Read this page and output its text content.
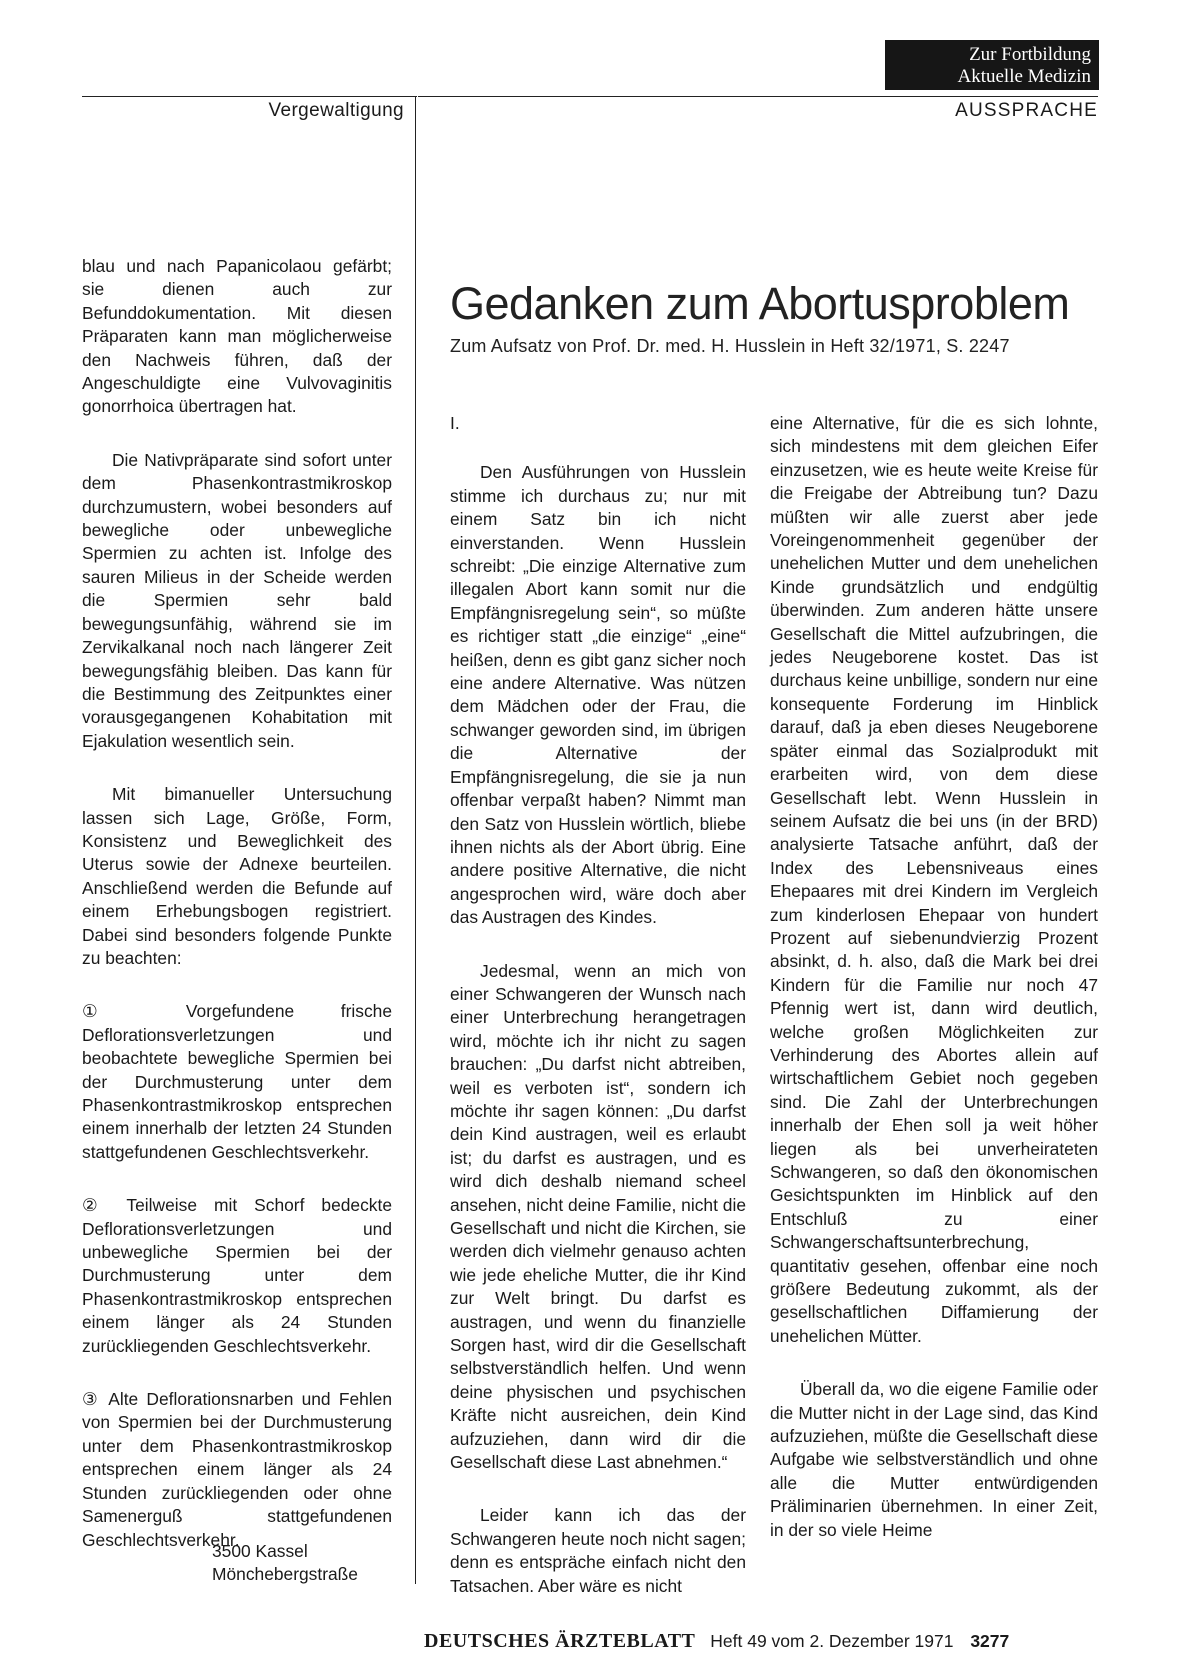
Zur Fortbildung
Aktuelle Medizin
Vergewaltigung	AUSSPRACHE

blau und nach Papanicolaou gefärbt; sie dienen auch zur Befunddokumentation. Mit diesen Präparaten kann man möglicherweise den Nachweis führen, daß der Angeschuldigte eine Vulvovaginitis gonorrhoica übertragen hat.

Die Nativpräparate sind sofort unter dem Phasenkontrastmikroskop durchzumustern, wobei besonders auf bewegliche oder unbewegliche Spermien zu achten ist. Infolge des sauren Milieus in der Scheide werden die Spermien sehr bald bewegungsunfähig, während sie im Zervikalkanal noch nach längerer Zeit bewegungsfähig bleiben. Das kann für die Bestimmung des Zeitpunktes einer vorausgegangenen Kohabitation mit Ejakulation wesentlich sein.

Mit bimanueller Untersuchung lassen sich Lage, Größe, Form, Konsistenz und Beweglichkeit des Uterus sowie der Adnexe beurteilen. Anschließend werden die Befunde auf einem Erhebungsbogen registriert. Dabei sind besonders folgende Punkte zu beachten:

① Vorgefundene frische Deflorationsverletzungen und beobachtete bewegliche Spermien bei der Durchmusterung unter dem Phasenkontrastmikroskop entsprechen einem innerhalb der letzten 24 Stunden stattgefundenen Geschlechtsverkehr.

② Teilweise mit Schorf bedeckte Deflorationsverletzungen und unbewegliche Spermien bei der Durchmusterung unter dem Phasenkontrastmikroskop entsprechen einem länger als 24 Stunden zurückliegenden Geschlechtsverkehr.

③ Alte Deflorationsnarben und Fehlen von Spermien bei der Durchmusterung unter dem Phasenkontrastmikroskop entsprechen einem länger als 24 Stunden zurückliegenden oder ohne Samenerguß stattgefundenen Geschlechtsverkehr.

3500 Kassel
Mönchebergstraße
Gedanken zum Abortusproblem
Zum Aufsatz von Prof. Dr. med. H. Husslein in Heft 32/1971, S. 2247

I.

Den Ausführungen von Husslein stimme ich durchaus zu; nur mit einem Satz bin ich nicht einverstanden. Wenn Husslein schreibt: „Die einzige Alternative zum illegalen Abort kann somit nur die Empfängnisregelung sein“, so müßte es richtiger statt „die einzige“ „eine“ heißen, denn es gibt ganz sicher noch eine andere Alternative. Was nützen dem Mädchen oder der Frau, die schwanger geworden sind, im übrigen die Alternative der Empfängnisregelung, die sie ja nun offenbar verpaßt haben? Nimmt man den Satz von Husslein wörtlich, bliebe ihnen nichts als der Abort übrig. Eine andere positive Alternative, die nicht angesprochen wird, wäre doch aber das Austragen des Kindes.

Jedesmal, wenn an mich von einer Schwangeren der Wunsch nach einer Unterbrechung herangetragen wird, möchte ich ihr nicht zu sagen brauchen: „Du darfst nicht abtreiben, weil es verboten ist“, sondern ich möchte ihr sagen können: „Du darfst dein Kind austragen, weil es erlaubt ist; du darfst es austragen, und es wird dich deshalb niemand scheel ansehen, nicht deine Familie, nicht die Gesellschaft und nicht die Kirchen, sie werden dich vielmehr genauso achten wie jede eheliche Mutter, die ihr Kind zur Welt bringt. Du darfst es austragen, und wenn du finanzielle Sorgen hast, wird dir die Gesellschaft selbstverständlich helfen. Und wenn deine physischen und psychischen Kräfte nicht ausreichen, dein Kind aufzuziehen, dann wird dir die Gesellschaft diese Last abnehmen.“

Leider kann ich das der Schwangeren heute noch nicht sagen; denn es entspräche einfach nicht den Tatsachen. Aber wäre es nicht

eine Alternative, für die es sich lohnte, sich mindestens mit dem gleichen Eifer einzusetzen, wie es heute weite Kreise für die Freigabe der Abtreibung tun? Dazu müßten wir alle zuerst aber jede Voreingenommenheit gegenüber der unehelichen Mutter und dem unehelichen Kinde grundsätzlich und endgültig überwinden. Zum anderen hätte unsere Gesellschaft die Mittel aufzubringen, die jedes Neugeborene kostet. Das ist durchaus keine unbillige, sondern nur eine konsequente Forderung im Hinblick darauf, daß ja eben dieses Neugeborene später einmal das Sozialprodukt mit erarbeiten wird, von dem diese Gesellschaft lebt. Wenn Husslein in seinem Aufsatz die bei uns (in der BRD) analysierte Tatsache anführt, daß der Index des Lebensniveaus eines Ehepaares mit drei Kindern im Vergleich zum kinderlosen Ehepaar von hundert Prozent auf siebenundvierzig Prozent absinkt, d. h. also, daß die Mark bei drei Kindern für die Familie nur noch 47 Pfennig wert ist, dann wird deutlich, welche großen Möglichkeiten zur Verhinderung des Abortes allein auf wirtschaftlichem Gebiet noch gegeben sind. Die Zahl der Unterbrechungen innerhalb der Ehen soll ja weit höher liegen als bei unverheirateten Schwangeren, so daß den ökonomischen Gesichtspunkten im Hinblick auf den Entschluß zu einer Schwangerschaftsunterbrechung, quantitativ gesehen, offenbar eine noch größere Bedeutung zukommt, als der gesellschaftlichen Diffamierung der unehelichen Mütter.

Überall da, wo die eigene Familie oder die Mutter nicht in der Lage sind, das Kind aufzuziehen, müßte die Gesellschaft diese Aufgabe wie selbstverständlich und ohne alle die Mutter entwürdigenden Präliminarien übernehmen. In einer Zeit, in der so viele Heime

DEUTSCHES ÄRZTEBLATT Heft 49 vom 2. Dezember 1971 3277
